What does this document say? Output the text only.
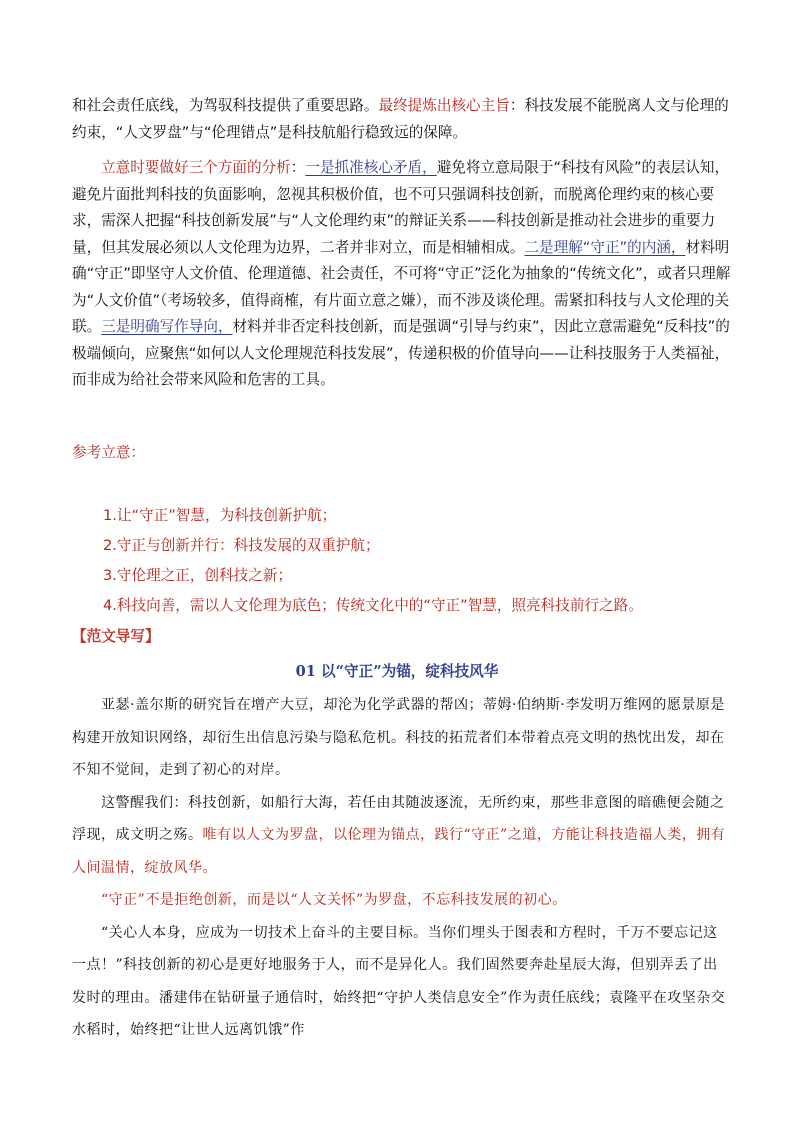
和社会责任底线，为驾驭科技提供了重要思路。最终提炼出核心主旨：科技发展不能脱离人文与伦理的约束，“人文罗盘”与“伦理错点”是科技航船行稳致远的保障。

立意时要做好三个方面的分析：一是抓准核心矛盾，避免将立意局限于“科技有风险”的表层认知，避免片面批判科技的负面影响，忽视其积极价值，也不可只强调科技创新，而脱离伦理约束的核心要求，需深人把握“科技创新发展”与“人文伦理约束”的辩证关系——科技创新是推动社会进步的重要力量，但其发展必须以人文伦理为边界，二者并非对立，而是相辅相成。二是理解“守正”的内涵，材料明确“守正”即坚守人文价值、伦理道德、社会责任，不可将“守正”泛化为抽象的“传统文化”，或者只理解为“人文价值”（考场较多，值得商榷，有片面立意之嫌），而不涉及谈伦理。需紧扣科技与人文伦理的关联。三是明确写作导向，材料并非否定科技创新，而是强调“引导与约束”，因此立意需避免“反科技”的极端倾向，应聚焦“如何以人文伦理规范科技发展”，传递积极的价值导向——让科技服务于人类福祉，而非成为给社会带来风险和危害的工具。

参考立意：
1.让“守正”智慧，为科技创新护航；
2.守正与创新并行：科技发展的双重护航；
3.守伦理之正，创科技之新；
4.科技向善，需以人文伦理为底色；传统文化中的“守正”智慧，照亮科技前行之路。
【范文导写】
01 以“守正”为锚，绽科技风华

亚瑟·盖尔斯的研究旨在增产大豆，却沦为化学武器的帮凶；蒂姆·伯纳斯·李发明万维网的愿景原是构建开放知识网络，却衍生出信息污染与隐私危机。科技的拓荒者们本带着点亮文明的热忱出发，却在不知不觉间，走到了初心的对岸。

这警醒我们：科技创新，如船行大海，若任由其随波逐流，无所约束，那些非意图的暗礁便会随之浮现，成文明之殇。唯有以人文为罗盘，以伦理为锚点，践行“守正”之道，方能让科技造福人类，拥有人间温情，绽放风华。

“守正”不是拒绝创新，而是以“人文关怀”为罗盘，不忘科技发展的初心。

“关心人本身，应成为一切技术上奋斗的主要目标。当你们埋头于图表和方程时，千万不要忘记这一点！”科技创新的初心是更好地服务于人，而不是异化人。我们固然要奔赴星辰大海，但别弄丢了出发时的理由。潘建伟在钻研量子通信时，始终把“守护人类信息安全”作为责任底线；袁隆平在攻坚杂交水稻时，始终把“让世人远离饥饿”作
